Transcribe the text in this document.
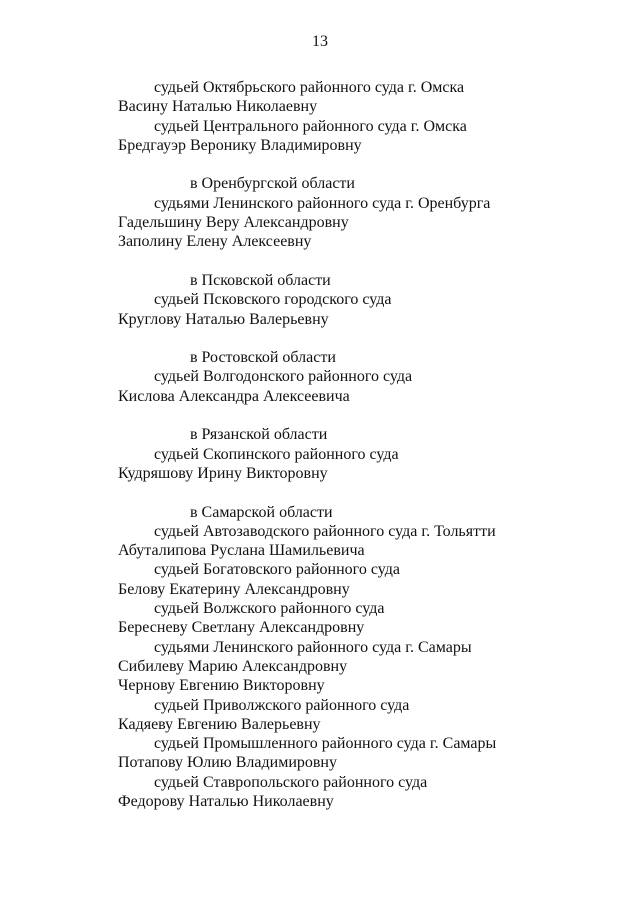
13
судьей Октябрьского районного суда г. Омска
Васину Наталью Николаевну
судьей Центрального районного суда г. Омска
Бредгауэр Веронику Владимировну
в Оренбургской области
судьями Ленинского районного суда г. Оренбурга
Гадельшину Веру Александровну
Заполину Елену Алексеевну
в Псковской области
судьей Псковского городского суда
Круглову Наталью Валерьевну
в Ростовской области
судьей Волгодонского районного суда
Кислова Александра Алексеевича
в Рязанской области
судьей Скопинского районного суда
Кудряшову Ирину Викторовну
в Самарской области
судьей Автозаводского районного суда г. Тольятти
Абуталипова Руслана Шамильевича
судьей Богатовского районного суда
Белову Екатерину Александровну
судьей Волжского районного суда
Бересневу Светлану Александровну
судьями Ленинского районного суда г. Самары
Сибилеву Марию Александровну
Чернову Евгению Викторовну
судьей Приволжского районного суда
Кадяеву Евгению Валерьевну
судьей Промышленного районного суда г. Самары
Потапову Юлию Владимировну
судьей Ставропольского районного суда
Федорову Наталью Николаевну
